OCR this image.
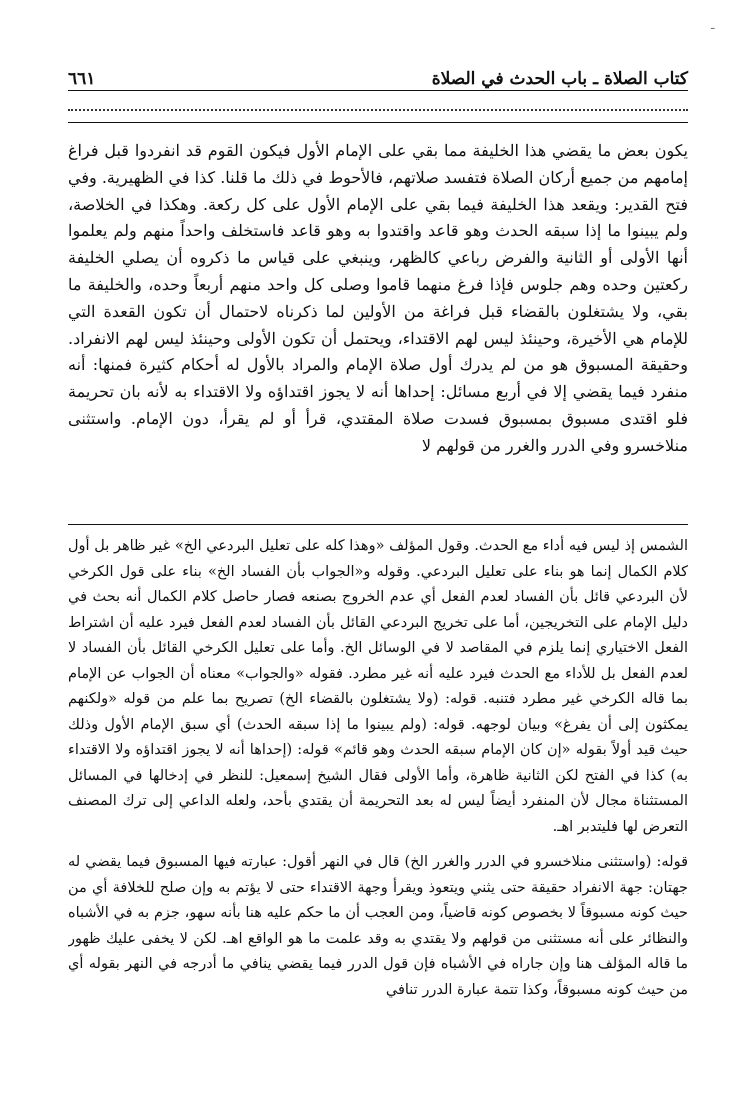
ـ
٦٦١	كتاب الصلاة ـ باب الحدث في الصلاة
يكون بعض ما يقضي هذا الخليفة مما بقي على الإمام الأول فيكون القوم قد انفردوا قبل فراغ إمامهم من جميع أركان الصلاة فتفسد صلاتهم، فالأحوط في ذلك ما قلنا. كذا في الظهيرية. وفي فتح القدير: ويقعد هذا الخليفة فيما بقي على الإمام الأول على كل ركعة. وهكذا في الخلاصة، ولم يبينوا ما إذا سبقه الحدث وهو قاعد واقتدوا به وهو قاعد فاستخلف واحداً منهم ولم يعلموا أنها الأولى أو الثانية والفرض رباعي كالظهر، وينبغي على قياس ما ذكروه أن يصلي الخليفة ركعتين وحده وهم جلوس فإذا فرغ منهما قاموا وصلى كل واحد منهم أربعاً وحده، والخليفة ما بقي، ولا يشتغلون بالقضاء قبل فراغة من الأولين لما ذكرناه لاحتمال أن تكون القعدة التي للإمام هي الأخيرة، وحينئذ ليس لهم الاقتداء، ويحتمل أن تكون الأولى وحينئذ ليس لهم الانفراد. وحقيقة المسبوق هو من لم يدرك أول صلاة الإمام والمراد بالأول له أحكام كثيرة فمنها: أنه منفرد فيما يقضي إلا في أربع مسائل: إحداها أنه لا يجوز اقتداؤه ولا الاقتداء به لأنه بان تحريمة فلو اقتدى مسبوق بمسبوق فسدت صلاة المقتدي، قرأ أو لم يقرأ، دون الإمام. واستثنى منلاخسرو وفي الدرر والغرر من قولهم لا

الشمس إذ ليس فيه أداء مع الحدث. وقول المؤلف «وهذا كله على تعليل البردعي الخ» غير ظاهر بل أول كلام الكمال إنما هو بناء على تعليل البردعي. وقوله و«الجواب بأن الفساد الخ» بناء على قول الكرخي لأن البردعي قائل بأن الفساد لعدم الفعل أي عدم الخروج بصنعه فصار حاصل كلام الكمال أنه بحث في دليل الإمام على التخريجين، أما على تخريج البردعي القائل بأن الفساد لعدم الفعل فيرد عليه أن اشتراط الفعل الاختياري إنما يلزم في المقاصد لا في الوسائل الخ. وأما على تعليل الكرخي القائل بأن الفساد لا لعدم الفعل بل للأداء مع الحدث فيرد عليه أنه غير مطرد. فقوله «والجواب» معناه أن الجواب عن الإمام بما قاله الكرخي غير مطرد فتنبه. قوله: (ولا يشتغلون بالقضاء الخ) تصريح بما علم من قوله «ولكنهم يمكثون إلى أن يفرغ» وبيان لوجهه. قوله: (ولم يبينوا ما إذا سبقه الحدث) أي سبق الإمام الأول وذلك حيث قيد أولاً بقوله «إن كان الإمام سبقه الحدث وهو قائم» قوله: (إحداها أنه لا يجوز اقتداؤه ولا الاقتداء به) كذا في الفتح لكن الثانية ظاهرة، وأما الأولى فقال الشيخ إسمعيل: للنظر في إدخالها في المسائل المستثناة مجال لأن المنفرد أيضاً ليس له بعد التحريمة أن يقتدي بأحد، ولعله الداعي إلى ترك المصنف التعرض لها فليتدبر اهـ.

قوله: (واستثنى منلاخسرو في الدرر والغرر الخ) قال في النهر أقول: عبارته فيها المسبوق فيما يقضي له جهتان: جهة الانفراد حقيقة حتى يثني ويتعوذ ويقرأ وجهة الاقتداء حتى لا يؤتم به وإن صلح للخلافة أي من حيث كونه مسبوقاً لا بخصوص كونه قاضياً، ومن العجب أن ما حكم عليه هنا بأنه سهو، جزم به في الأشباه والنظائر على أنه مستثنى من قولهم ولا يقتدي به وقد علمت ما هو الواقع اهـ. لكن لا يخفى عليك ظهور ما قاله المؤلف هنا وإن جاراه في الأشباه فإن قول الدرر فيما يقضي ينافي ما أدرجه في النهر بقوله أي من حيث كونه مسبوقاً، وكذا تتمة عبارة الدرر تنافي
